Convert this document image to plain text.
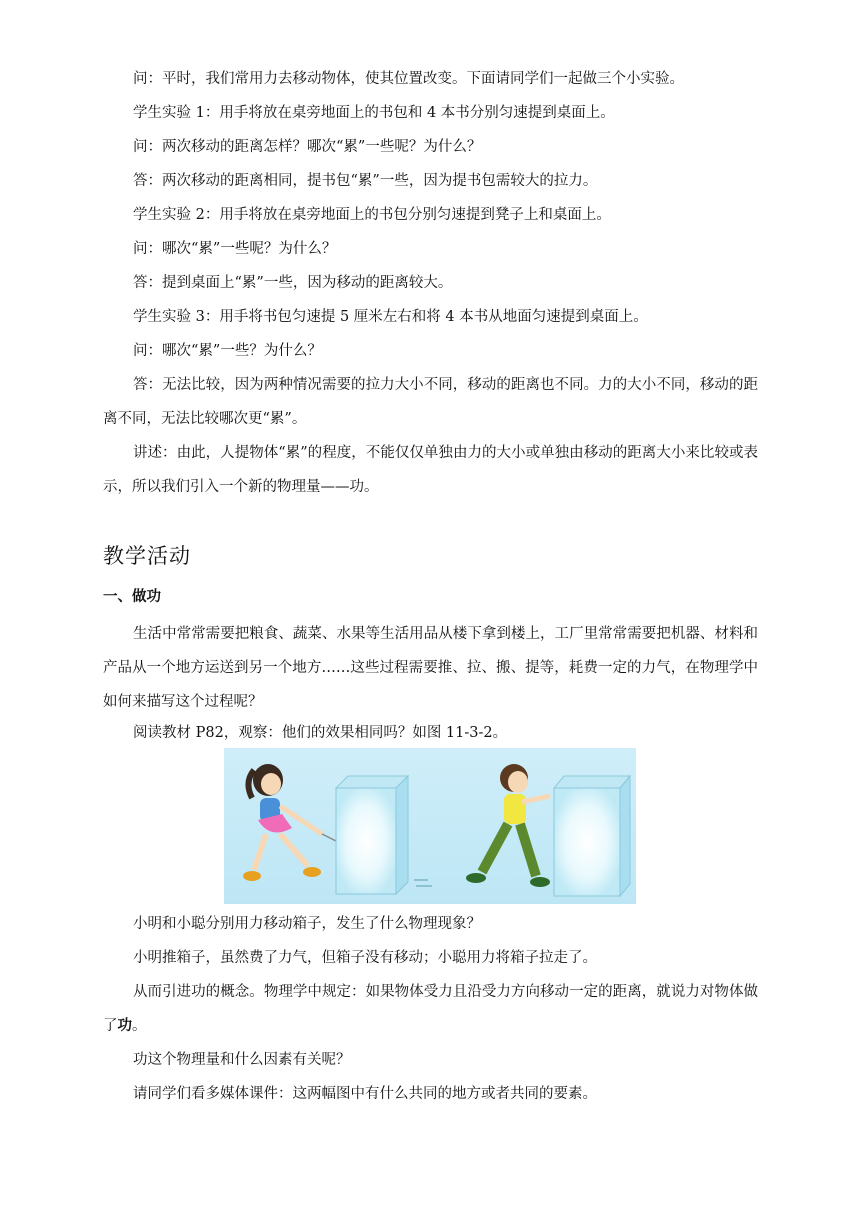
问：平时，我们常用力去移动物体，使其位置改变。下面请同学们一起做三个小实验。

学生实验 1：用手将放在桌旁地面上的书包和 4 本书分别匀速提到桌面上。

问：两次移动的距离怎样？哪次“累”一些呢？为什么？

答：两次移动的距离相同，提书包“累”一些，因为提书包需较大的拉力。

学生实验 2：用手将放在桌旁地面上的书包分别匀速提到凳子上和桌面上。

问：哪次“累”一些呢？为什么？

答：提到桌面上“累”一些，因为移动的距离较大。

学生实验 3：用手将书包匀速提 5 厘米左右和将 4 本书从地面匀速提到桌面上。

问：哪次“累”一些？为什么？

答：无法比较，因为两种情况需要的拉力大小不同，移动的距离也不同。力的大小不同，移动的距离不同，无法比较哪次更“累”。

讲述：由此，人提物体“累”的程度，不能仅仅单独由力的大小或单独由移动的距离大小来比较或表示，所以我们引入一个新的物理量——功。

教学活动
一、做功

生活中常常需要把粮食、蔬菜、水果等生活用品从楼下拿到楼上，工厂里常常需要把机器、材料和产品从一个地方运送到另一个地方……这些过程需要推、拉、搬、提等，耗费一定的力气，在物理学中如何来描写这个过程呢？

阅读教材 P82，观察：他们的效果相同吗？如图 11-3-2。

小明和小聪分别用力移动箱子，发生了什么物理现象？

小明推箱子，虽然费了力气，但箱子没有移动；小聪用力将箱子拉走了。

从而引进功的概念。物理学中规定：如果物体受力且沿受力方向移动一定的距离，就说力对物体做了功。

功这个物理量和什么因素有关呢？

请同学们看多媒体课件：这两幅图中有什么共同的地方或者共同的要素。
